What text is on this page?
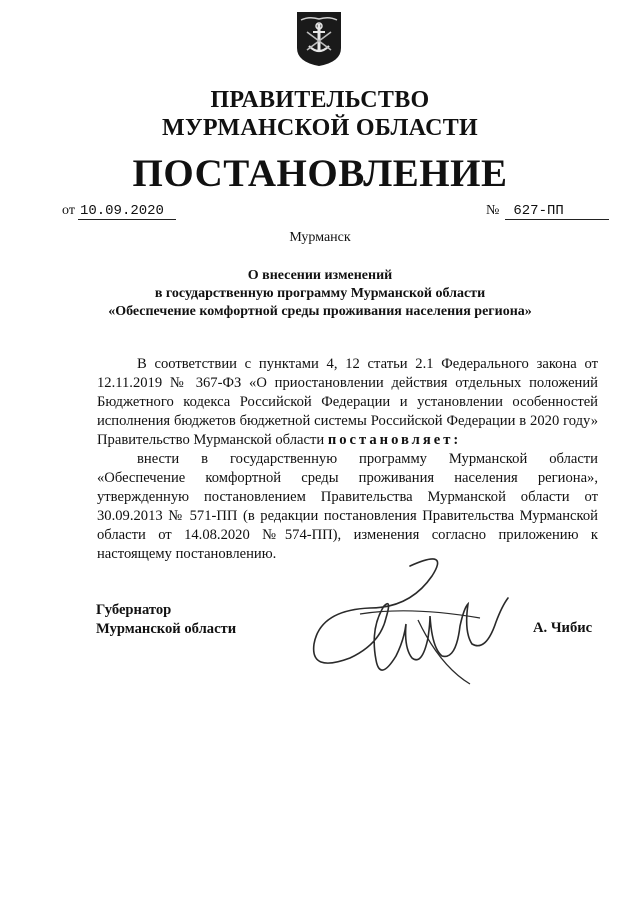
ПРАВИТЕЛЬСТВО
МУРМАНСКОЙ ОБЛАСТИ
ПОСТАНОВЛЕНИЕ
от 10.09.2020	№ 627-ПП
Мурманск
О внесении изменений
в государственную программу Мурманской области
«Обеспечение комфортной среды проживания населения региона»

В соответствии с пунктами 4, 12 статьи 2.1 Федерального закона от 12.11.2019 № 367-ФЗ «О приостановлении действия отдельных положений Бюджетного кодекса Российской Федерации и установлении особенностей исполнения бюджетов бюджетной системы Российской Федерации в 2020 году» Правительство Мурманской области постановляет:

внести в государственную программу Мурманской области «Обеспечение комфортной среды проживания населения региона», утвержденную постановлением Правительства Мурманской области от 30.09.2013 № 571-ПП (в редакции постановления Правительства Мурманской области от 14.08.2020 №574-ПП), изменения согласно приложению к настоящему постановлению.

Губернатор
Мурманской области	А. Чибис
